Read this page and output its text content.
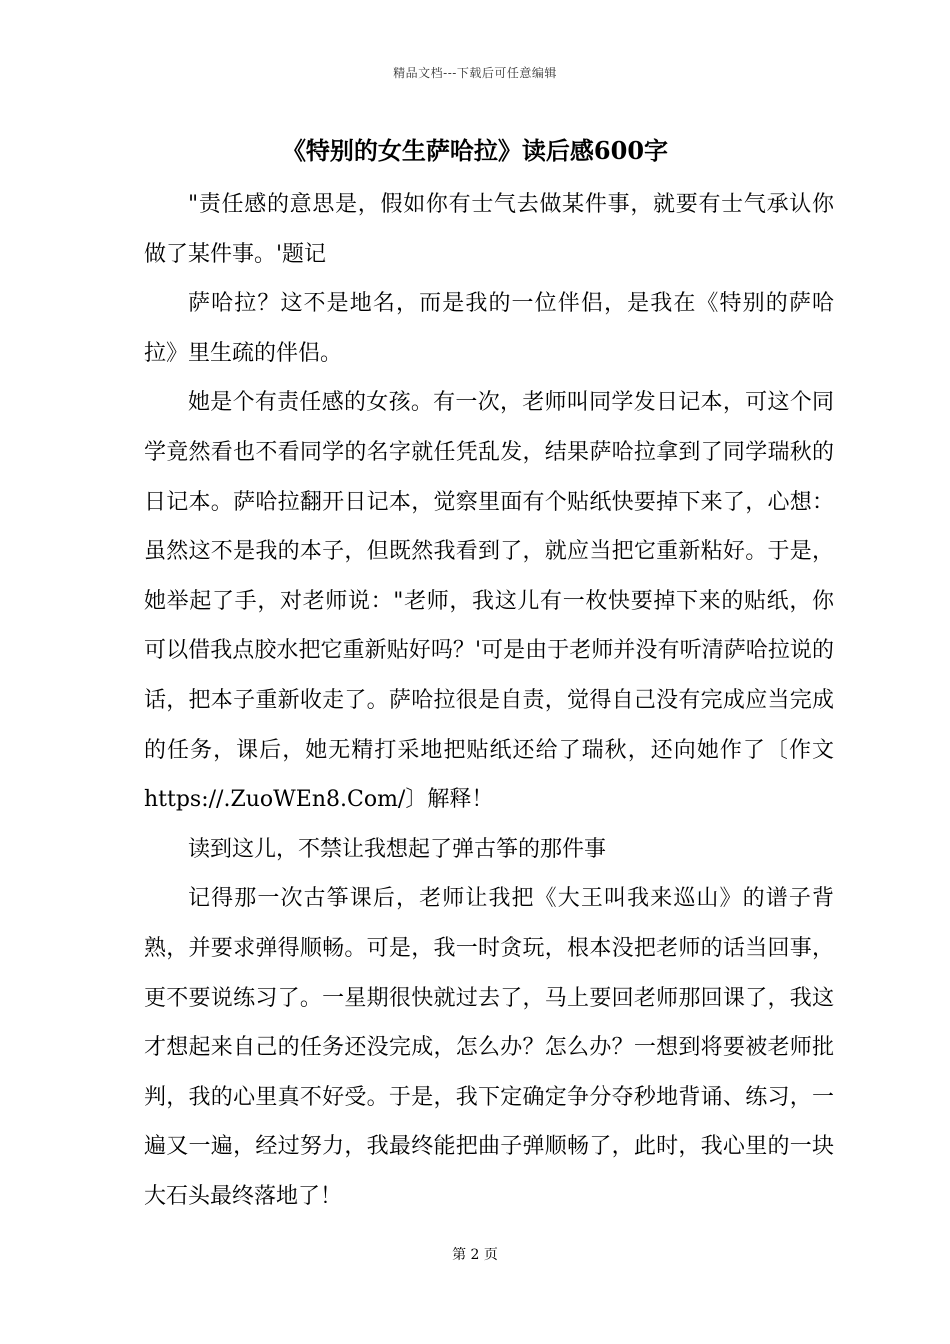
精品文档---下载后可任意编辑
《特别的女生萨哈拉》读后感600字

"责任感的意思是，假如你有士气去做某件事，就要有士气承认你做了某件事。'题记

萨哈拉？这不是地名，而是我的一位伴侣，是我在《特别的萨哈拉》里生疏的伴侣。

她是个有责任感的女孩。有一次，老师叫同学发日记本，可这个同学竟然看也不看同学的名字就任凭乱发，结果萨哈拉拿到了同学瑞秋的日记本。萨哈拉翻开日记本，觉察里面有个贴纸快要掉下来了，心想：虽然这不是我的本子，但既然我看到了，就应当把它重新粘好。于是，她举起了手，对老师说："老师，我这儿有一枚快要掉下来的贴纸，你可以借我点胶水把它重新贴好吗？'可是由于老师并没有听清萨哈拉说的话，把本子重新收走了。萨哈拉很是自责，觉得自己没有完成应当完成的任务，课后，她无精打采地把贴纸还给了瑞秋，还向她作了〔作文https://.ZuoWEn8.Com/〕解释！

读到这儿，不禁让我想起了弹古筝的那件事

记得那一次古筝课后，老师让我把《大王叫我来巡山》的谱子背熟，并要求弹得顺畅。可是，我一时贪玩，根本没把老师的话当回事，更不要说练习了。一星期很快就过去了，马上要回老师那回课了，我这才想起来自己的任务还没完成，怎么办？怎么办？一想到将要被老师批判，我的心里真不好受。于是，我下定确定争分夺秒地背诵、练习，一遍又一遍，经过努力，我最终能把曲子弹顺畅了，此时，我心里的一块大石头最终落地了！

第 2 页
